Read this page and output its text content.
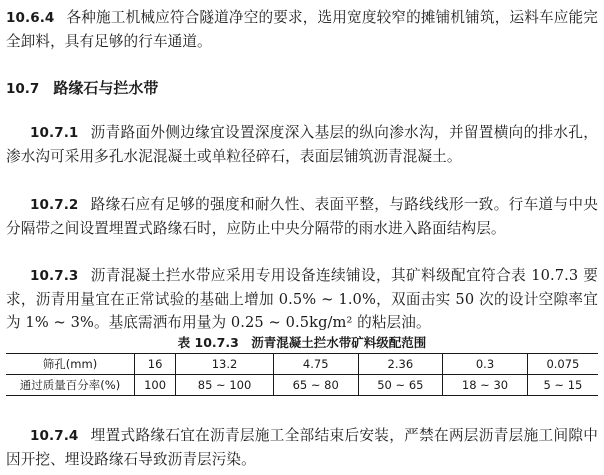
10.6.4 各种施工机械应符合隧道净空的要求，选用宽度较窄的摊铺机铺筑，运料车应能完全卸料，具有足够的行车通道。
10.7 路缘石与拦水带
10.7.1 沥青路面外侧边缘宜设置深度深入基层的纵向渗水沟，并留置横向的排水孔，渗水沟可采用多孔水泥混凝土或单粒径碎石，表面层铺筑沥青混凝土。
10.7.2 路缘石应有足够的强度和耐久性、表面平整，与路线线形一致。行车道与中央分隔带之间设置埋置式路缘石时，应防止中央分隔带的雨水进入路面结构层。
10.7.3 沥青混凝土拦水带应采用专用设备连续铺设，其矿料级配宜符合表 10.7.3 要求，沥青用量宜在正常试验的基础上增加 0.5% ~ 1.0%，双面击实 50 次的设计空隙率宜为 1% ~ 3%。基底需洒布用量为 0.25 ~ 0.5kg/m² 的粘层油。
表 10.7.3　沥青混凝土拦水带矿料级配范围
筛孔(mm)	16	13.2	4.75	2.36	0.3	0.075
通过质量百分率(%)	100	85 ~ 100	65 ~ 80	50 ~ 65	18 ~ 30	5 ~ 15
10.7.4 埋置式路缘石宜在沥青层施工全部结束后安装，严禁在两层沥青层施工间隙中因开挖、埋设路缘石导致沥青层污染。
